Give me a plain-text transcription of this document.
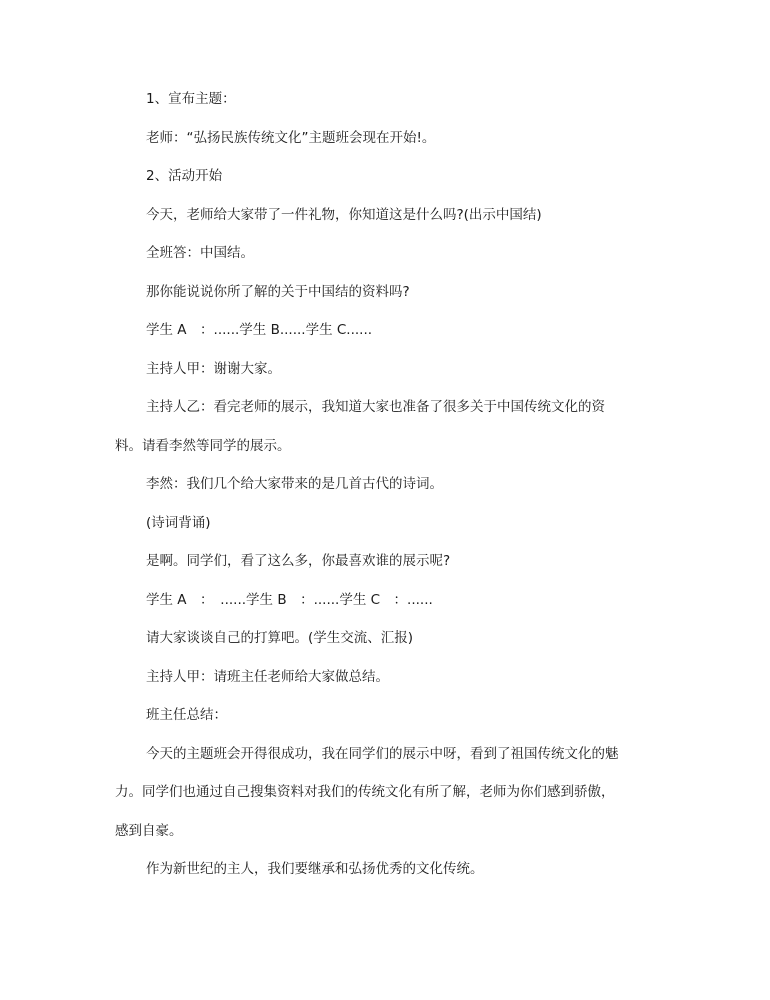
1、宣布主题：
老师：“弘扬民族传统文化”主题班会现在开始!。
2、活动开始
今天，老师给大家带了一件礼物，你知道这是什么吗?(出示中国结)
全班答：中国结。
那你能说说你所了解的关于中国结的资料吗?
学生 A　：......学生 B......学生 C......
主持人甲：谢谢大家。
主持人乙：看完老师的展示，我知道大家也准备了很多关于中国传统文化的资
料。请看李然等同学的展示。
李然：我们几个给大家带来的是几首古代的诗词。
(诗词背诵)
是啊。同学们，看了这么多，你最喜欢谁的展示呢?
学生 A　：　......学生 B　：......学生 C　：......
请大家谈谈自己的打算吧。(学生交流、汇报)
主持人甲：请班主任老师给大家做总结。
班主任总结：
今天的主题班会开得很成功，我在同学们的展示中呀，看到了祖国传统文化的魅
力。同学们也通过自己搜集资料对我们的传统文化有所了解，老师为你们感到骄傲，
感到自豪。
作为新世纪的主人，我们要继承和弘扬优秀的文化传统。
